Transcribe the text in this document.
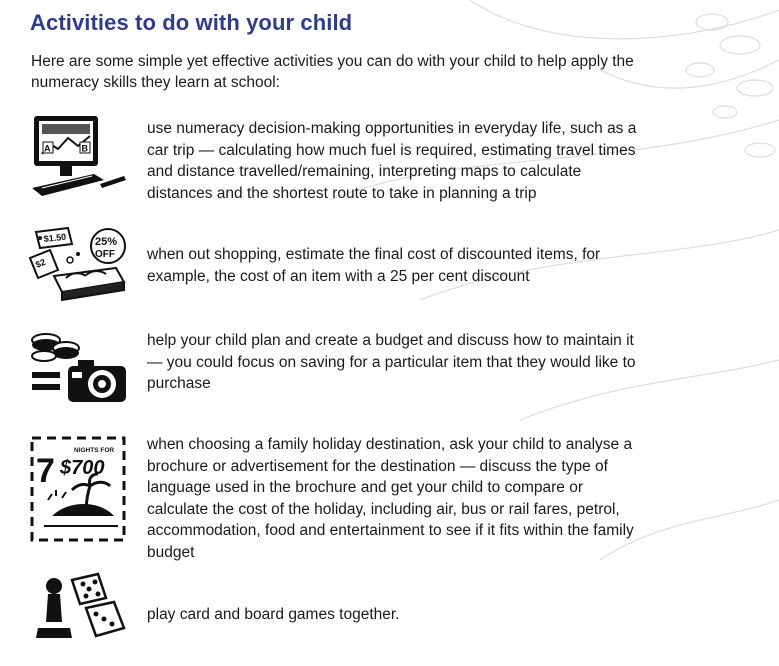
Activities to do with your child

Here are some simple yet effective activities you can do with your child to help apply the numeracy skills they learn at school:

A	B

use numeracy decision-making opportunities in everyday life, such as a car trip — calculating how much fuel is required, estimating travel times and distance travelled/remaining, interpreting maps to calculate distances and the shortest route to take in planning a trip

$1.50	25%
OFF
$2

when out shopping, estimate the final cost of discounted items, for example, the cost of an item with a 25 per cent discount

help your child plan and create a budget and discuss how to maintain it — you could focus on saving for a particular item that they would like to purchase

NIGHTS FOR
7 $700

when choosing a family holiday destination, ask your child to analyse a brochure or advertisement for the destination — discuss the type of language used in the brochure and get your child to compare or calculate the cost of the holiday, including air, bus or rail fares, petrol, accommodation, food and entertainment to see if it fits within the family budget

play card and board games together.
